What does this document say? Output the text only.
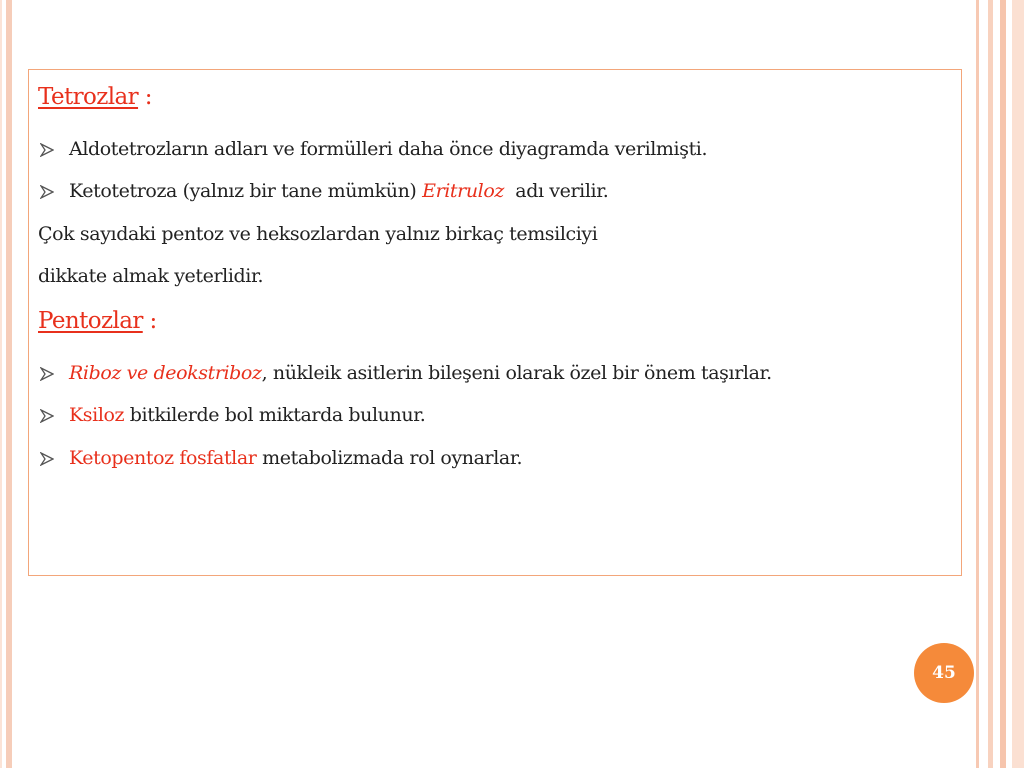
Tetrozlar :
Aldotetrozların adları ve formülleri daha önce diyagramda verilmişti.
Ketotetroza (yalnız bir tane mümkün) Eritruloz  adı verilir.
Çok sayıdaki pentoz ve heksozlardan yalnız birkaç temsilciyi
dikkate almak yeterlidir.
Pentozlar :
Riboz ve deokstriboz, nükleik asitlerin bileşeni olarak özel bir önem taşırlar.
Ksiloz bitkilerde bol miktarda bulunur.
Ketopentoz fosfatlar metabolizmada rol oynarlar.
45
